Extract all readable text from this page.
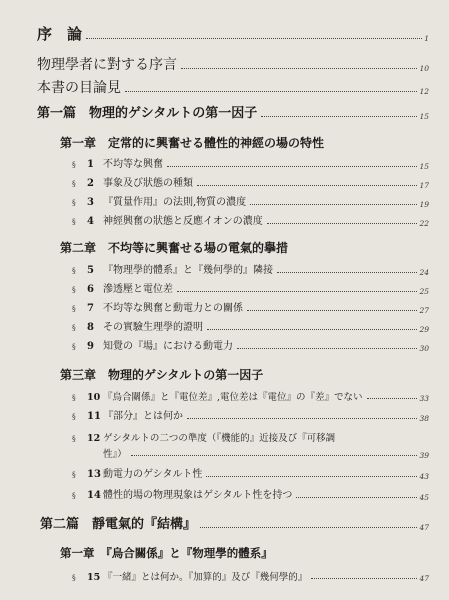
序　論	1
物理學者に對する序言	10
本書の目論見	12
第一篇　物理的ゲシタルトの第一因子	15
第一章　定常的に興奮せる體性的神經の場の特性
§ 1 不均等な興奮	15
§ 2 事象及び狀態の種類	17
§ 3 『質量作用』の法則,物質の濃度	19
§ 4 神經興奮の狀態と反應イオンの濃度	22
第二章　不均等に興奮せる場の電氣的擧措
§ 5 『物理學的體系』と『幾何學的』隣接	24
§ 6 滲透壓と電位差	25
§ 7 不均等な興奮と動電力との關係	27
§ 8 その實驗生理學的證明	29
§ 9 知覺の『場』における動電力	30
第三章　物理的ゲシタルトの第一因子
§ 10 『烏合關係』と『電位差』,電位差は『電位』の『差』でない	33
§ 11 『部分』とは何か	38
§ 12 ゲシタルトの二つの準度（『機能的』近接及び『可移調
性』）	39
§ 13 動電力のゲシタルト性	43
§ 14 體性的場の物理現象はゲシタルト性を持つ	45
第二篇　靜電氣的『結構』	47
第一章　『烏合關係』と『物理學的體系』
§ 15 『一緒』とは何か。『加算的』及び『幾何學的』	47
